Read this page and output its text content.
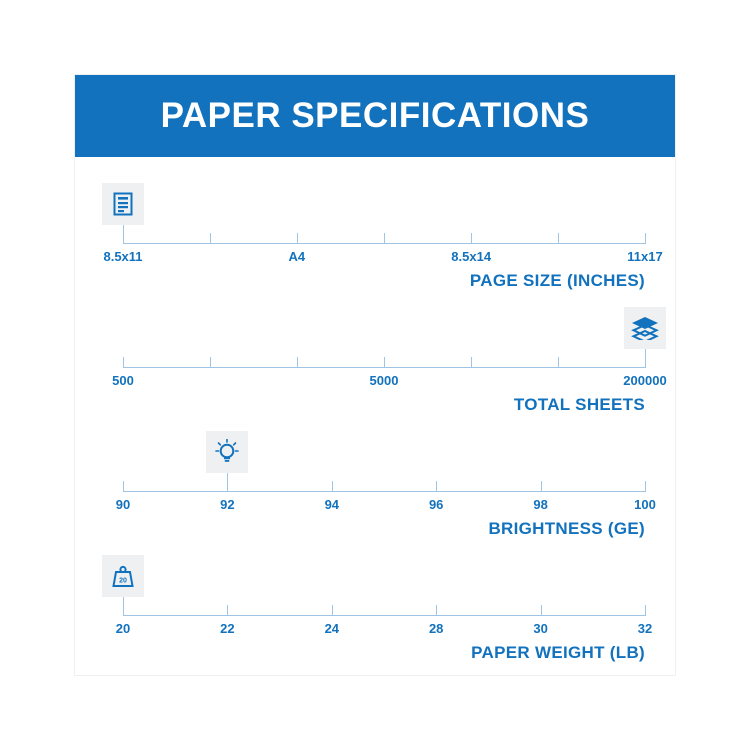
PAPER SPECIFICATIONS
8.5x11	A4	8.5x14	11x17
PAGE SIZE (INCHES)
500	5000	200000
TOTAL SHEETS
90	92	94	96	98	100
BRIGHTNESS (GE)
20	22	24	28	30	32
20
PAPER WEIGHT (LB)
